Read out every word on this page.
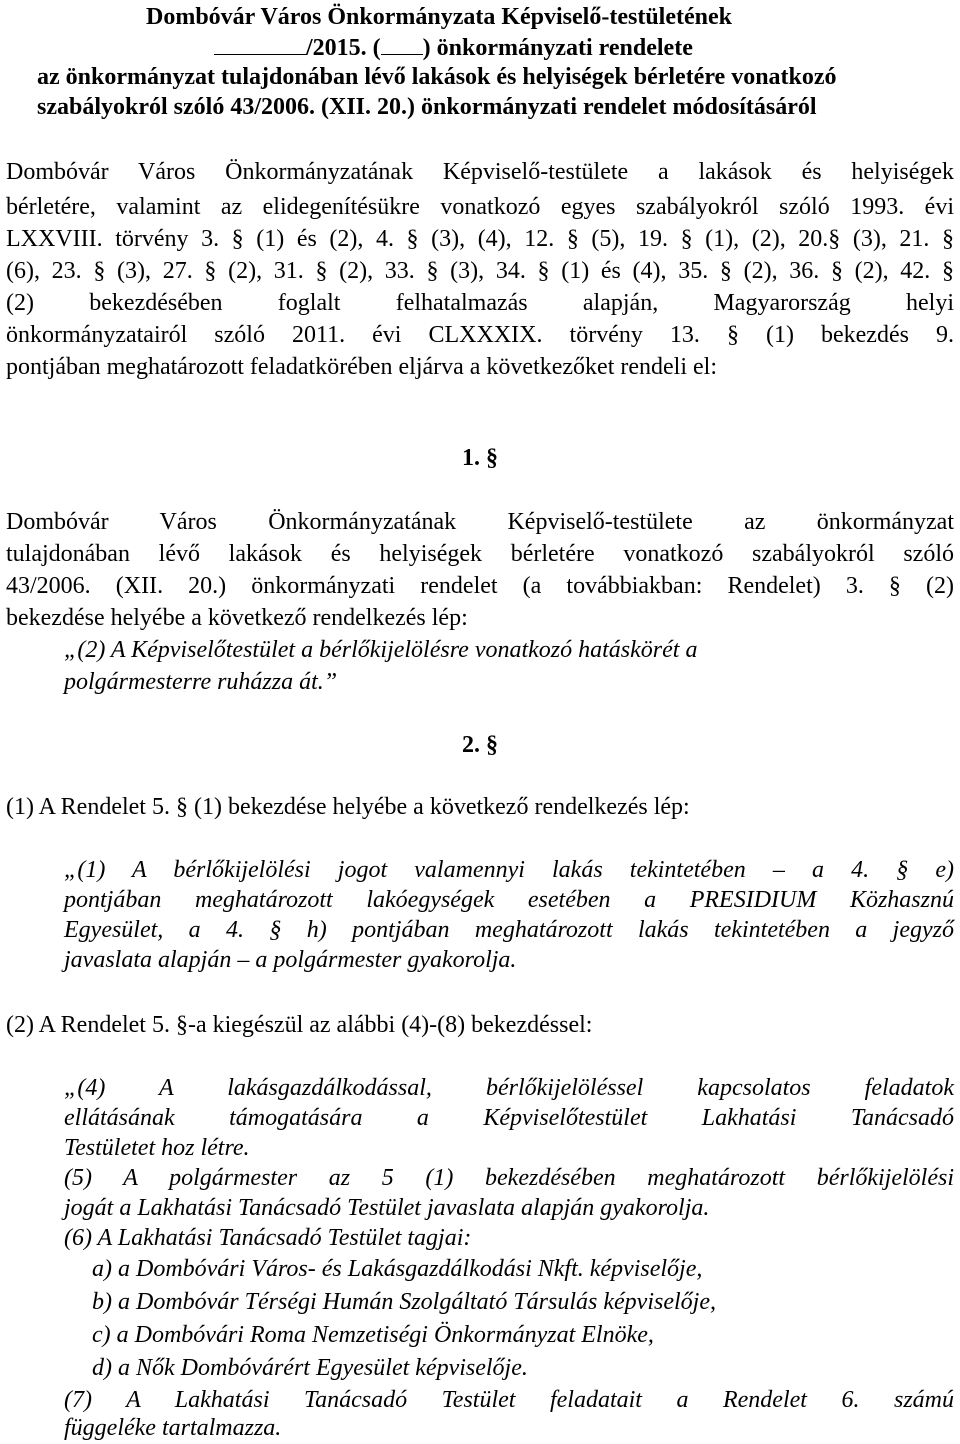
Dombóvár Város Önkormányzata Képviselő-testületének
/2015. ( ) önkormányzati rendelete
az önkormányzat tulajdonában lévő lakások és helyiségek bérletére vonatkozó
szabályokról szóló 43/2006. (XII. 20.) önkormányzati rendelet módosításáról
Dombóvár Város Önkormányzatának Képviselő-testülete a lakások és helyiségek
bérletére, valamint az elidegenítésükre vonatkozó egyes szabályokról szóló 1993. évi
LXXVIII. törvény 3. § (1) és (2), 4. § (3), (4), 12. § (5), 19. § (1), (2), 20.§ (3), 21. §
(6), 23. § (3), 27. § (2), 31. § (2), 33. § (3), 34. § (1) és (4), 35. § (2), 36. § (2), 42. §
(2) bekezdésében foglalt felhatalmazás alapján, Magyarország helyi
önkormányzatairól szóló 2011. évi CLXXXIX. törvény 13. § (1) bekezdés 9.
pontjában meghatározott feladatkörében eljárva a következőket rendeli el:
1. §
Dombóvár Város Önkormányzatának Képviselő-testülete az önkormányzat
tulajdonában lévő lakások és helyiségek bérletére vonatkozó szabályokról szóló
43/2006. (XII. 20.) önkormányzati rendelet (a továbbiakban: Rendelet) 3. § (2)
bekezdése helyébe a következő rendelkezés lép:
„(2) A Képviselőtestület a bérlőkijelölésre vonatkozó hatáskörét a
polgármesterre ruházza át.”
2. §
(1) A Rendelet 5. § (1) bekezdése helyébe a következő rendelkezés lép:
„(1) A bérlőkijelölési jogot valamennyi lakás tekintetében – a 4. § e)
pontjában meghatározott lakóegységek esetében a PRESIDIUM Közhasznú
Egyesület, a 4. § h) pontjában meghatározott lakás tekintetében a jegyző
javaslata alapján – a polgármester gyakorolja.
(2) A Rendelet 5. §-a kiegészül az alábbi (4)-(8) bekezdéssel:
„(4) A lakásgazdálkodással, bérlőkijelöléssel kapcsolatos feladatok
ellátásának támogatására a Képviselőtestület Lakhatási Tanácsadó
Testületet hoz létre.
(5) A polgármester az 5 (1) bekezdésében meghatározott bérlőkijelölési
jogát a Lakhatási Tanácsadó Testület javaslata alapján gyakorolja.
(6) A Lakhatási Tanácsadó Testület tagjai:
a) a Dombóvári Város- és Lakásgazdálkodási Nkft. képviselője,
b) a Dombóvár Térségi Humán Szolgáltató Társulás képviselője,
c) a Dombóvári Roma Nemzetiségi Önkormányzat Elnöke,
d) a Nők Dombóvárért Egyesület képviselője.
(7) A Lakhatási Tanácsadó Testület feladatait a Rendelet 6. számú
függeléke tartalmazza.
